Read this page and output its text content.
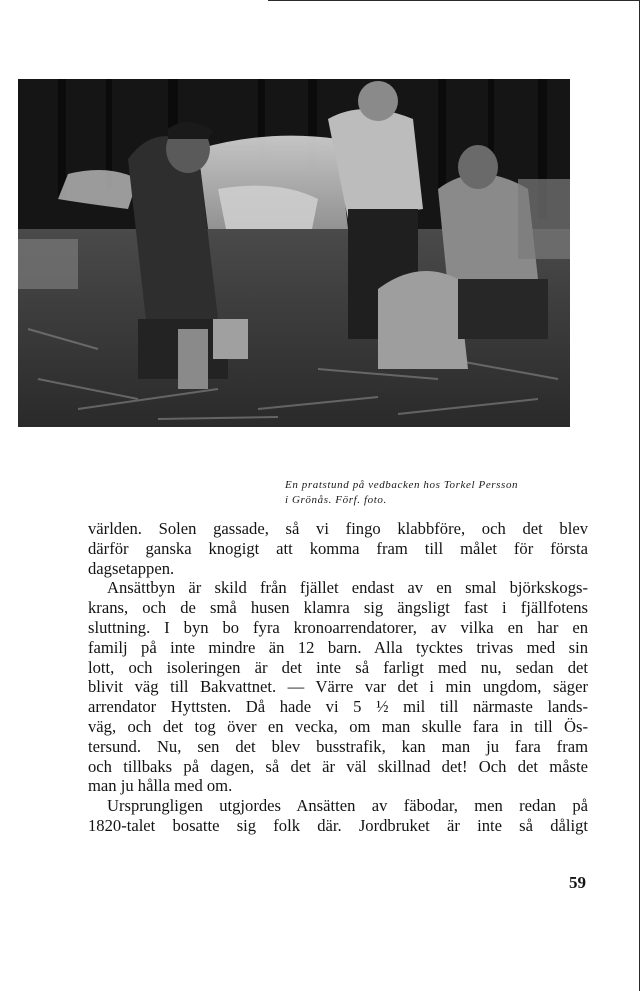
En pratstund på vedbacken hos Torkel Persson
i Grönås. Förf. foto.
världen. Solen gassade, så vi fingo klabbföre, och det blev
därför ganska knogigt att komma fram till målet för första
dagsetappen.
Ansättbyn är skild från fjället endast av en smal björkskogs-
krans, och de små husen klamra sig ängsligt fast i fjällfotens
sluttning. I byn bo fyra kronoarrendatorer, av vilka en har en
familj på inte mindre än 12 barn. Alla tycktes trivas med sin
lott, och isoleringen är det inte så farligt med nu, sedan det
blivit väg till Bakvattnet. — Värre var det i min ungdom, säger
arrendator Hyttsten. Då hade vi 5 ½ mil till närmaste lands-
väg, och det tog över en vecka, om man skulle fara in till Ös-
tersund. Nu, sen det blev busstrafik, kan man ju fara fram
och tillbaks på dagen, så det är väl skillnad det! Och det måste
man ju hålla med om.
Ursprungligen utgjordes Ansätten av fäbodar, men redan på
1820-talet bosatte sig folk där. Jordbruket är inte så dåligt
59
